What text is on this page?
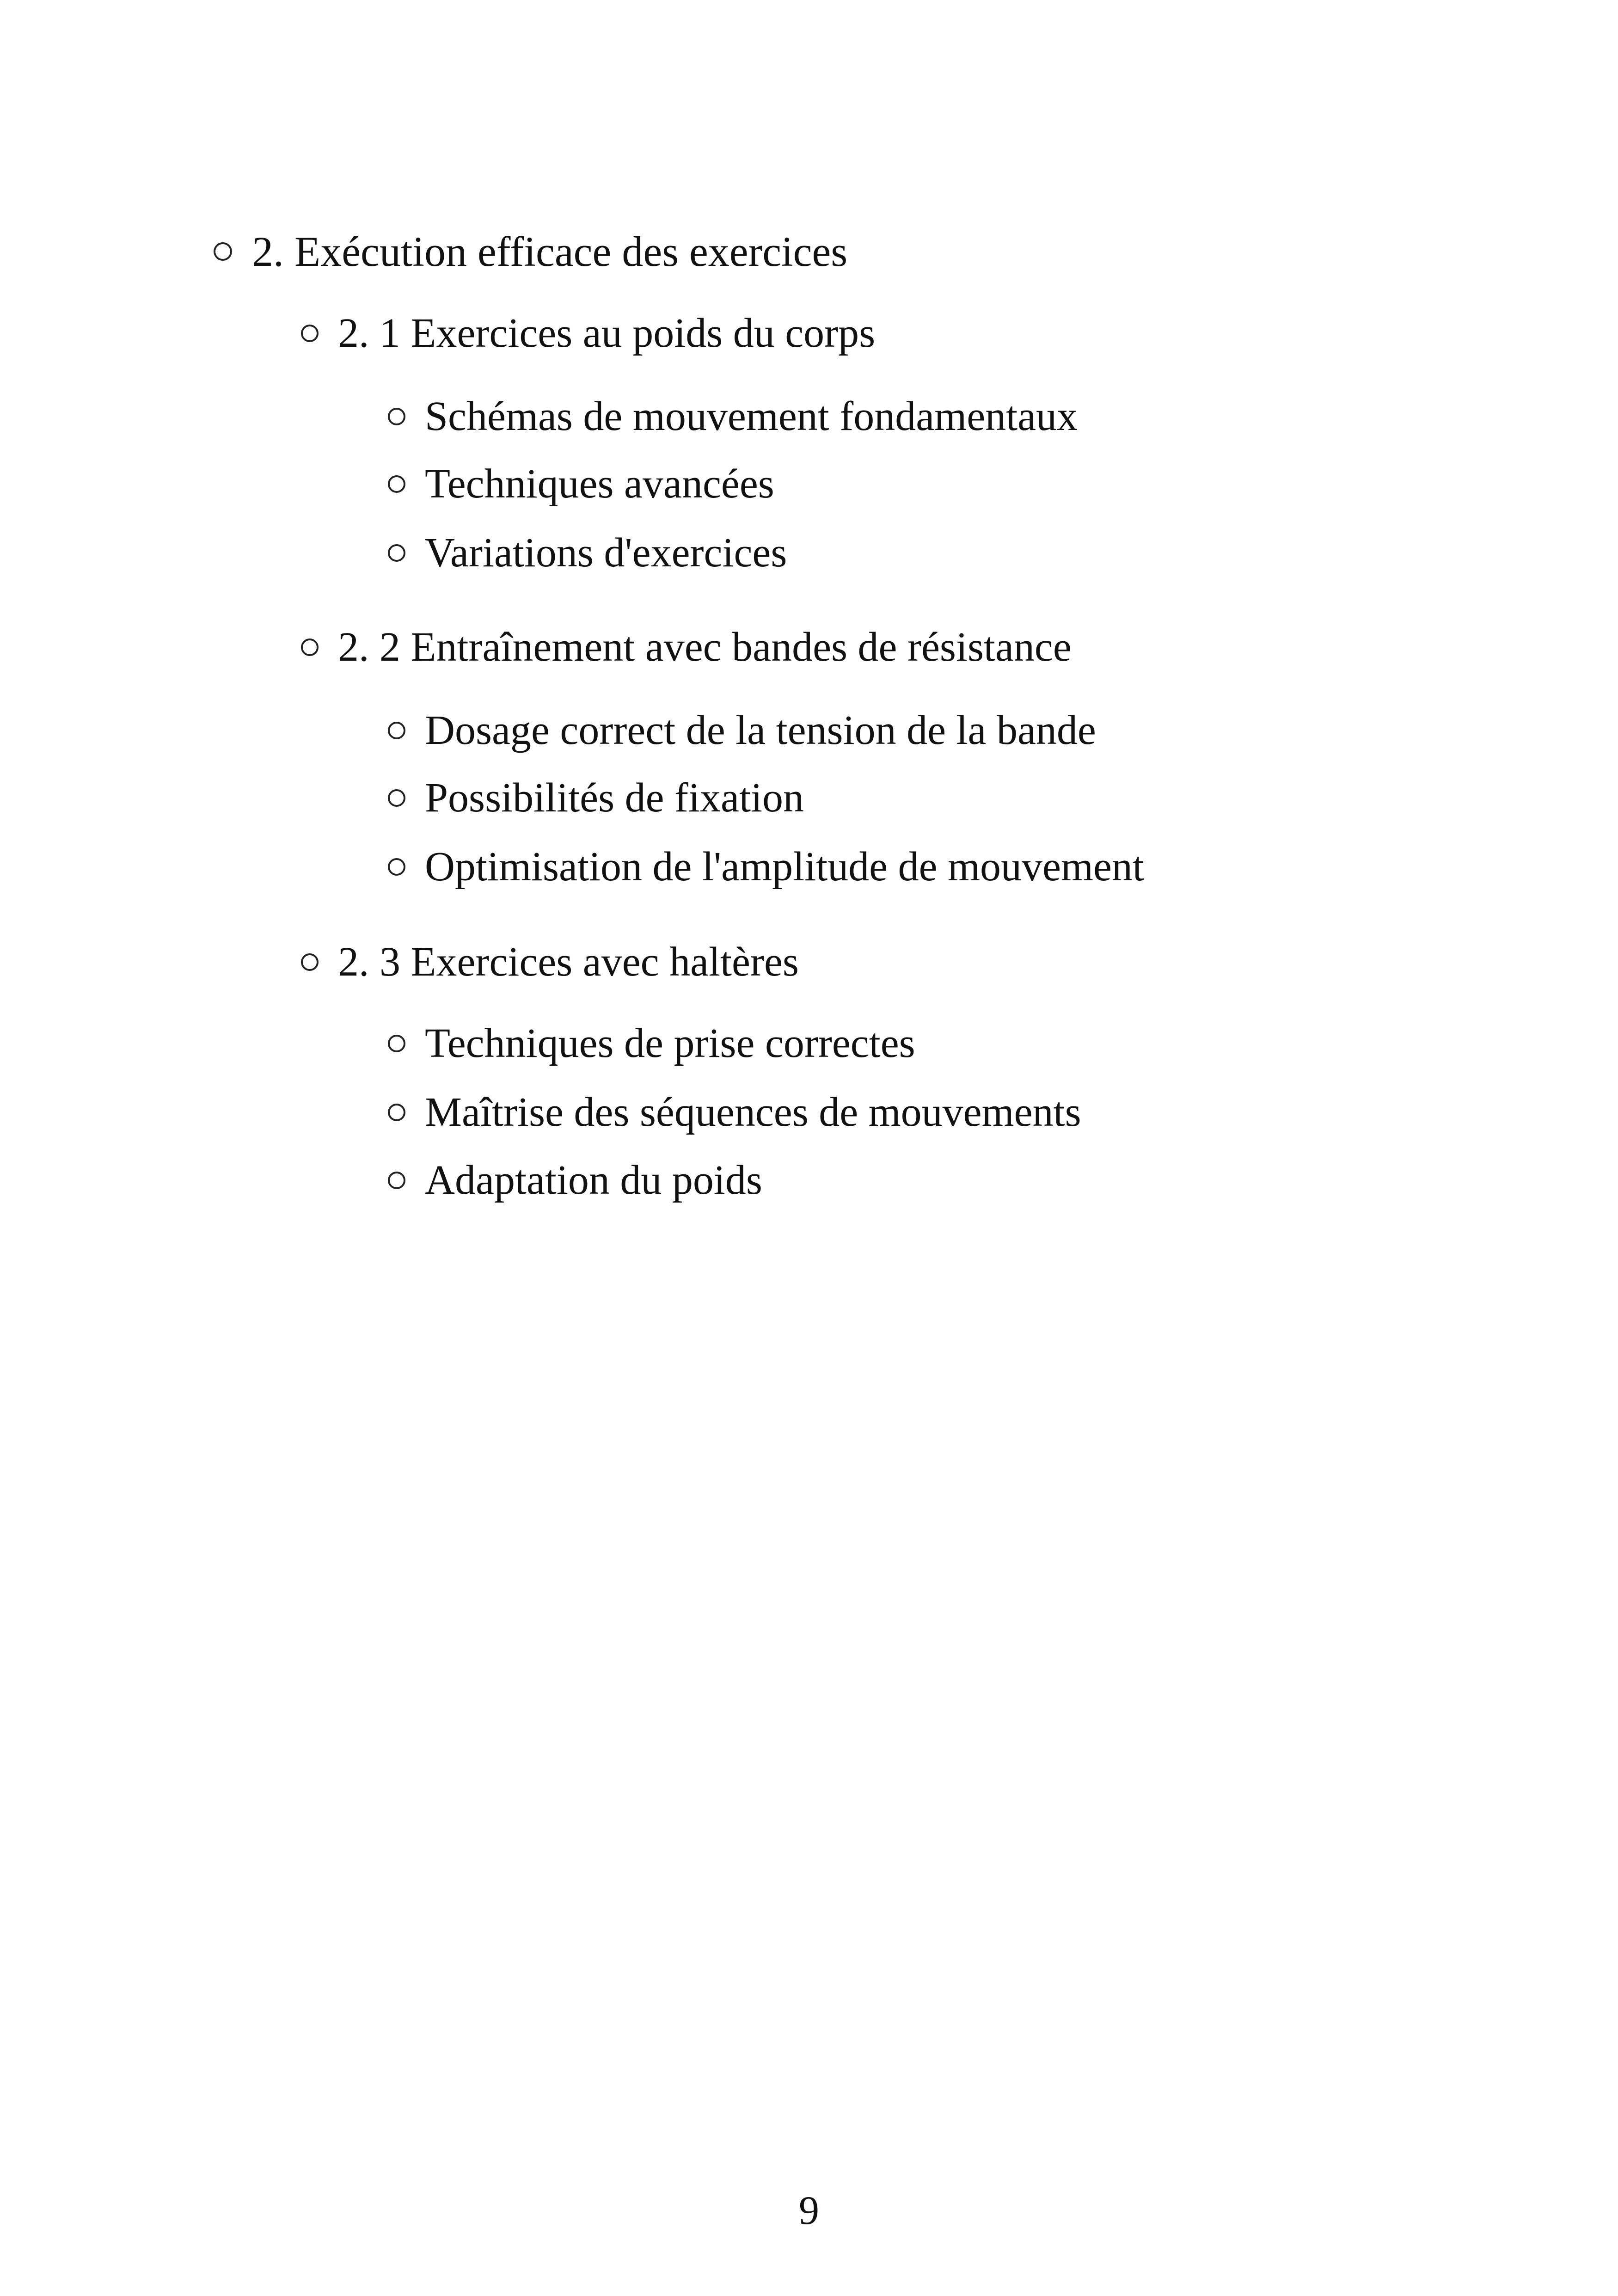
2. Exécution efficace des exercices
2. 1 Exercices au poids du corps
Schémas de mouvement fondamentaux
Techniques avancées
Variations d'exercices
2. 2 Entraînement avec bandes de résistance
Dosage correct de la tension de la bande
Possibilités de fixation
Optimisation de l'amplitude de mouvement
2. 3 Exercices avec haltères
Techniques de prise correctes
Maîtrise des séquences de mouvements
Adaptation du poids
9
